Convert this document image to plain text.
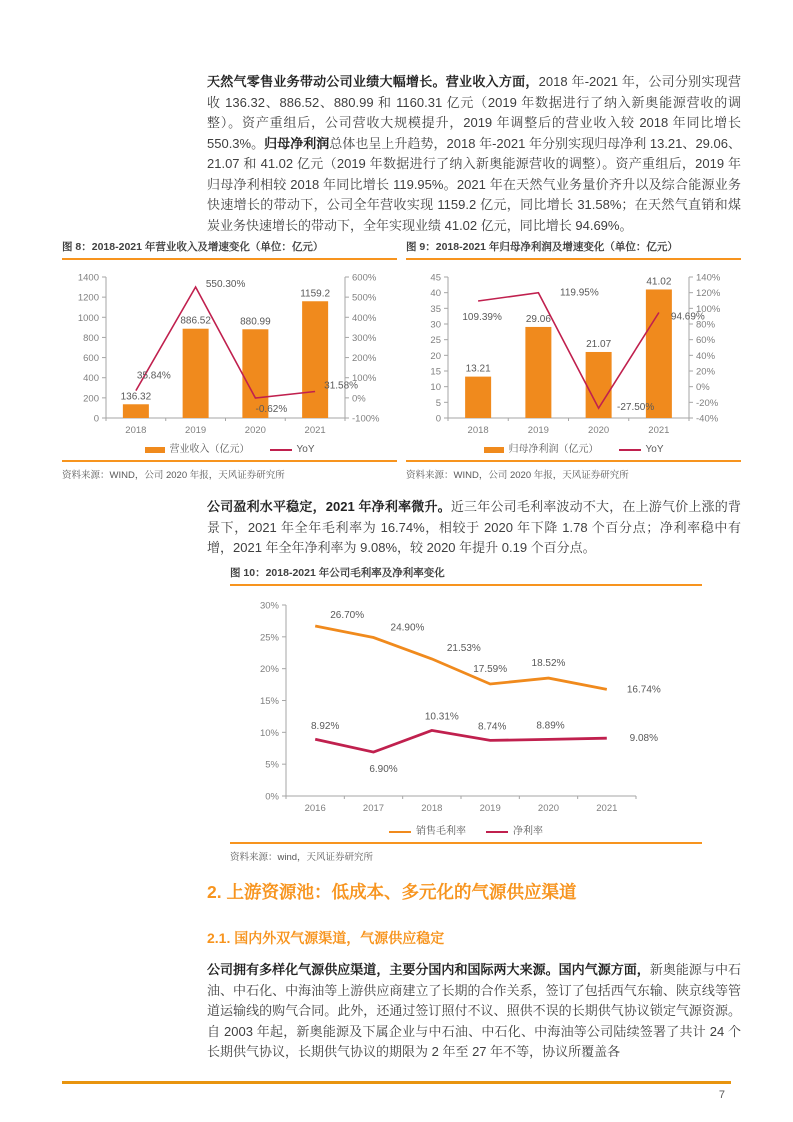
天然气零售业务带动公司业绩大幅增长。营业收入方面，2018 年-2021 年，公司分别实现营收 136.32、886.52、880.99 和 1160.31 亿元（2019 年数据进行了纳入新奥能源营收的调整）。资产重组后，公司营收大规模提升，2019 年调整后的营业收入较 2018 年同比增长 550.3%。归母净利润总体也呈上升趋势，2018 年-2021 年分别实现归母净利 13.21、29.06、21.07 和 41.02 亿元（2019 年数据进行了纳入新奥能源营收的调整）。资产重组后，2019 年归母净利相较 2018 年同比增长 119.95%。2021 年在天然气业务量价齐升以及综合能源业务快速增长的带动下，公司全年营收实现 1159.2 亿元，同比增长 31.58%；在天然气直销和煤炭业务快速增长的带动下，全年实现业绩 41.02 亿元，同比增长 94.69%。

图 8：2018-2021 年营业收入及增速变化（单位：亿元）
0
200
400
600
800
1000
1200
1400
-100%
0%
100%
200%
300%
400%
500%
600%
2018	2019	2020	2021
136.32
886.52	880.99
1159.2
35.84%
550.30%
-0.62%
31.58%
营业收入（亿元）	YoY
资料来源：WIND，公司 2020 年报，天风证券研究所
图 9：2018-2021 年归母净利润及增速变化（单位：亿元）
0
5
10
15
20
25
30
35
40
45
-40%
-20%
0%
20%
40%
60%
80%
100%
120%
140%
2018	2019	2020	2021
13.21
29.06
21.07
41.02
109.39%
119.95%
-27.50%
94.69%
归母净利润（亿元）	YoY
资料来源：WIND，公司 2020 年报，天风证券研究所

公司盈利水平稳定，2021 年净利率微升。近三年公司毛利率波动不大，在上游气价上涨的背景下，2021 年全年毛利率为 16.74%，相较于 2020 年下降 1.78 个百分点；净利率稳中有增，2021 年全年净利率为 9.08%，较 2020 年提升 0.19 个百分点。

图 10：2018-2021 年公司毛利率及净利率变化
0%
5%
10%
15%
20%
25%
30%
2016	2017	2018	2019	2020	2021
26.70%
24.90%
21.53%
17.59%
18.52%
16.74%
8.92%
6.90%
10.31%
8.74%	8.89%
9.08%
销售毛利率	净利率
资料来源：wind，天风证券研究所
2. 上游资源池：低成本、多元化的气源供应渠道
2.1. 国内外双气源渠道，气源供应稳定

公司拥有多样化气源供应渠道，主要分国内和国际两大来源。国内气源方面，新奥能源与中石油、中石化、中海油等上游供应商建立了长期的合作关系，签订了包括西气东输、陕京线等管道运输线的购气合同。此外，还通过签订照付不议、照供不误的长期供气协议锁定气源资源。自 2003 年起，新奥能源及下属企业与中石油、中石化、中海油等公司陆续签署了共计 24 个长期供气协议，长期供气协议的期限为 2 年至 27 年不等，协议所覆盖各

7
